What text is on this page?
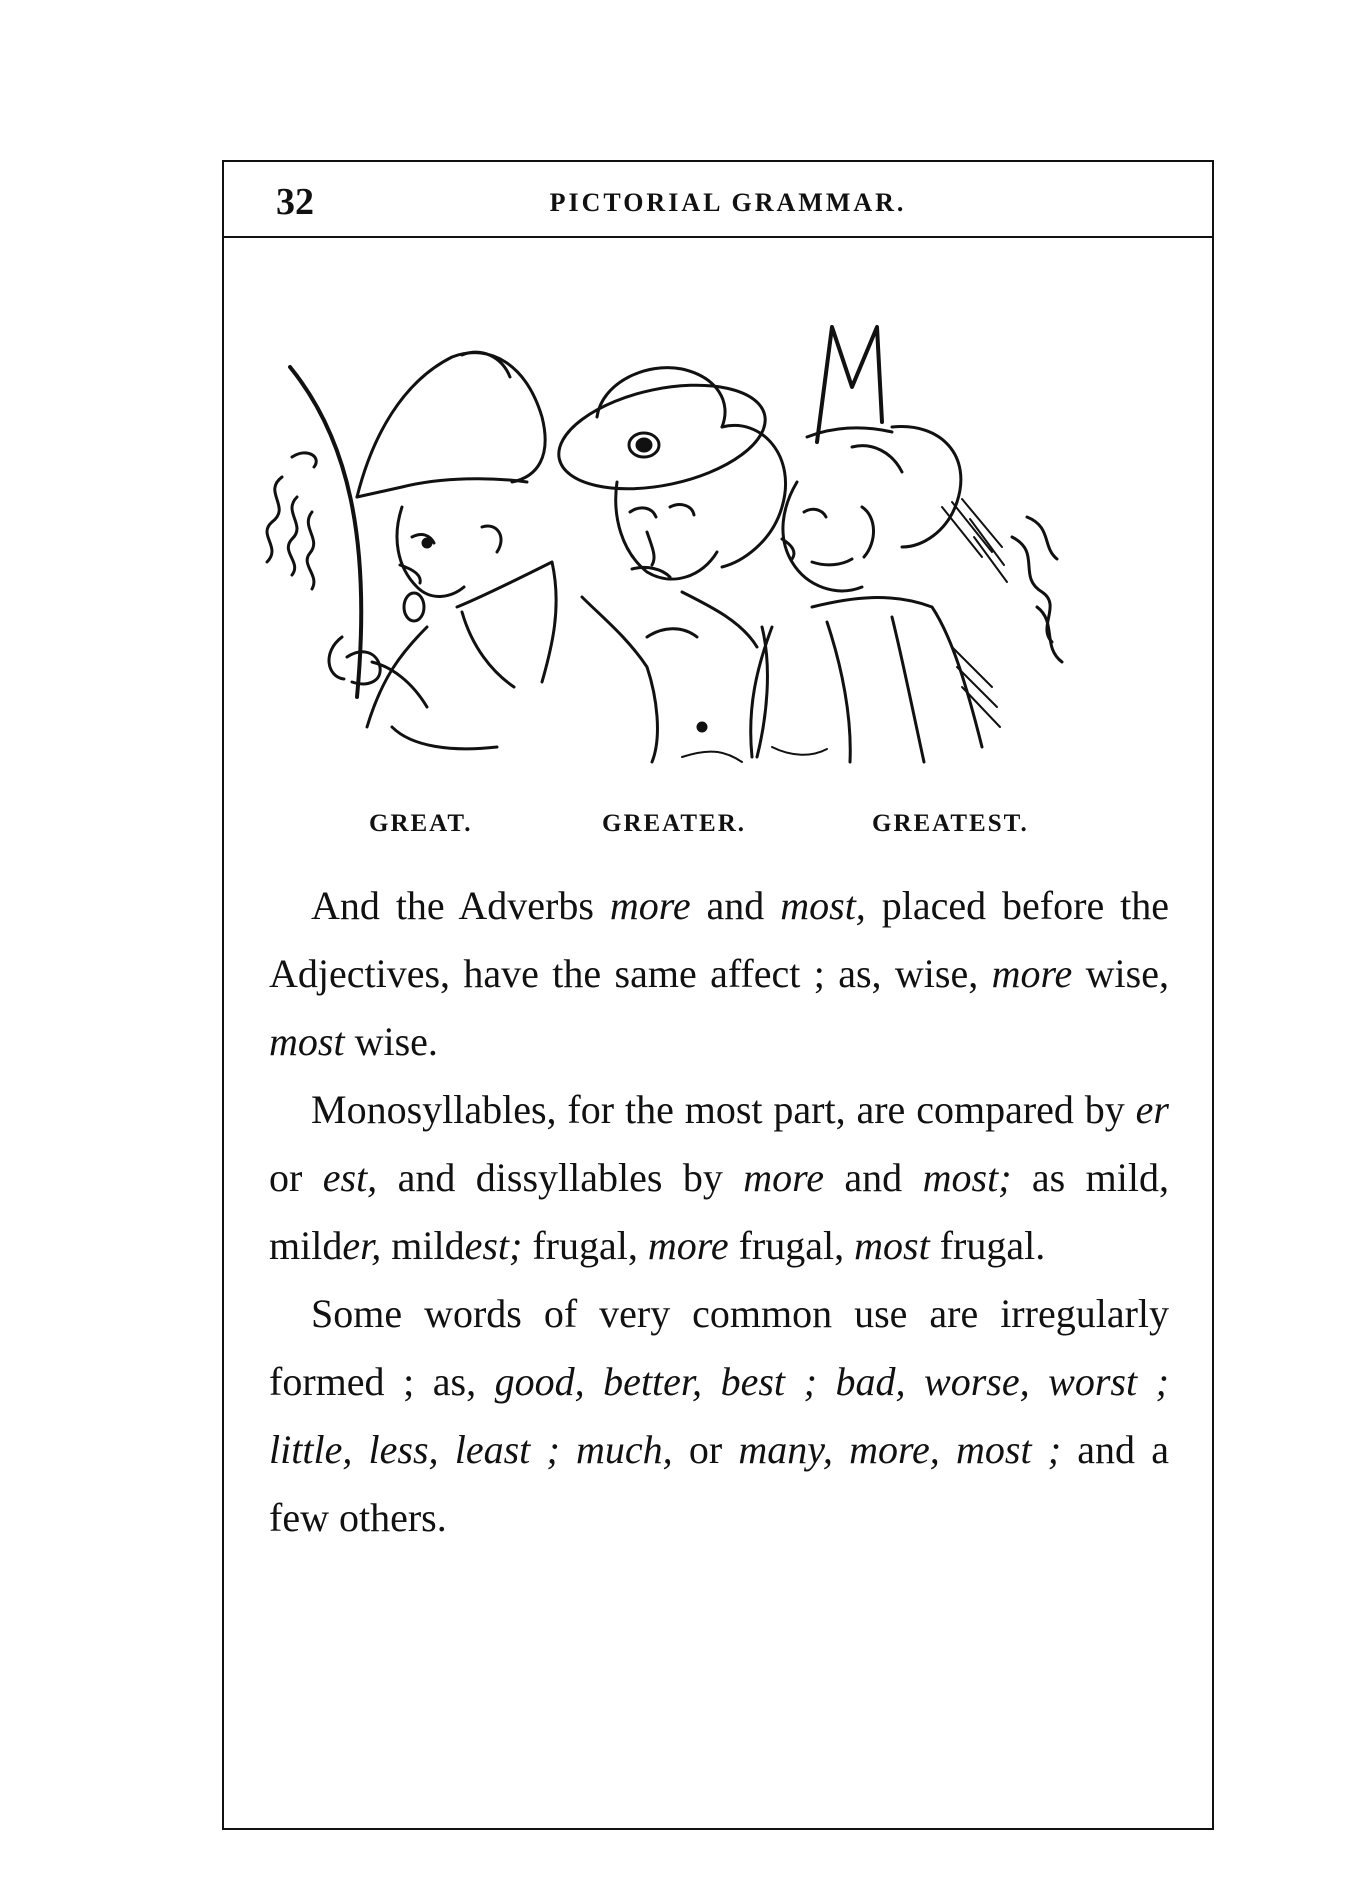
32	PICTORIAL GRAMMAR.
GREAT.	GREATER.	GREATEST.

And the Adverbs more and most, placed before the Adjectives, have the same affect ; as, wise, more wise, most wise.

Monosyllables, for the most part, are compared by er or est, and dissyllables by more and most; as mild, milder, mildest; frugal, more frugal, most frugal.

Some words of very common use are irregularly formed ; as, good, better, best ; bad, worse, worst ; little, less, least ; much, or many, more, most ; and a few others.
